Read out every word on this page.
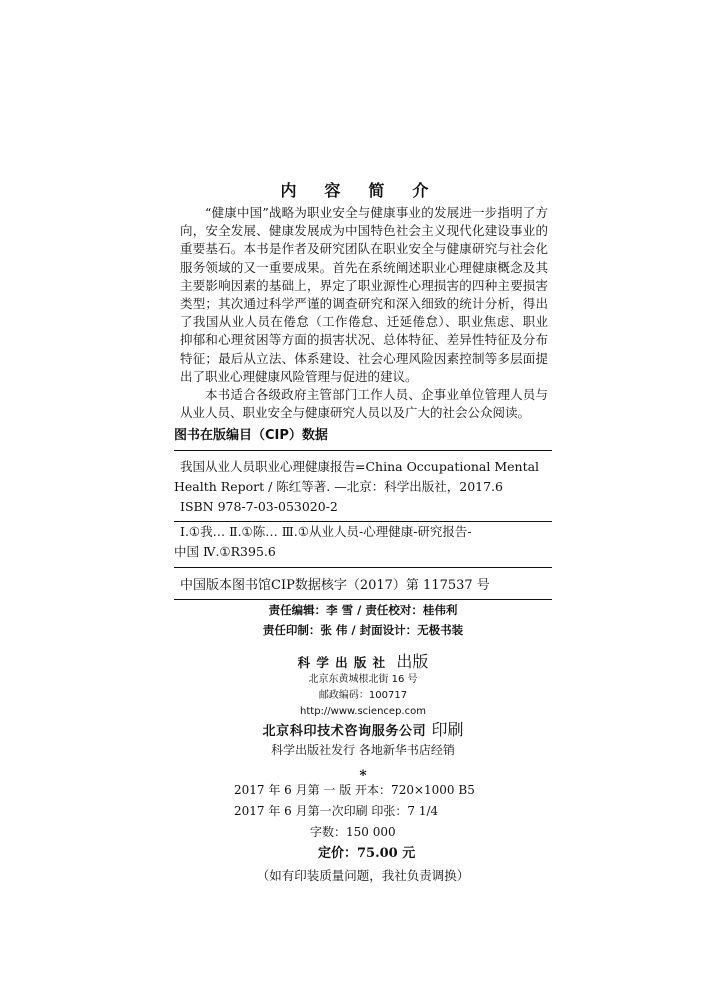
内 容 简 介

“健康中国”战略为职业安全与健康事业的发展进一步指明了方向，安全发展、健康发展成为中国特色社会主义现代化建设事业的重要基石。本书是作者及研究团队在职业安全与健康研究与社会化服务领域的又一重要成果。首先在系统阐述职业心理健康概念及其主要影响因素的基础上，界定了职业源性心理损害的四种主要损害类型；其次通过科学严谨的调查研究和深入细致的统计分析，得出了我国从业人员在倦怠（工作倦怠、迁延倦怠）、职业焦虑、职业抑郁和心理贫困等方面的损害状况、总体特征、差异性特征及分布特征；最后从立法、体系建设、社会心理风险因素控制等多层面提出了职业心理健康风险管理与促进的建议。

本书适合各级政府主管部门工作人员、企事业单位管理人员与从业人员、职业安全与健康研究人员以及广大的社会公众阅读。

图书在版编目（CIP）数据
我国从业人员职业心理健康报告=China Occupational Mental
Health Report / 陈红等著. —北京：科学出版社，2017.6
ISBN 978-7-03-053020-2
Ⅰ.①我… Ⅱ.①陈… Ⅲ.①从业人员-心理健康-研究报告-
中国 Ⅳ.①R395.6
中国版本图书馆CIP数据核字（2017）第 117537 号
责任编辑：李 雪 / 责任校对：桂伟利
责任印制：张 伟 / 封面设计：无极书装
科学出版社 出版
北京东黄城根北街 16 号
邮政编码：100717
http://www.sciencep.com
北京科印技术咨询服务公司 印刷
科学出版社发行 各地新华书店经销
*
2017 年 6 月第 一 版 开本：720×1000 B5
2017 年 6 月第一次印刷 印张：7 1/4
字数：150 000
定价：75.00 元
（如有印装质量问题，我社负责调换）
